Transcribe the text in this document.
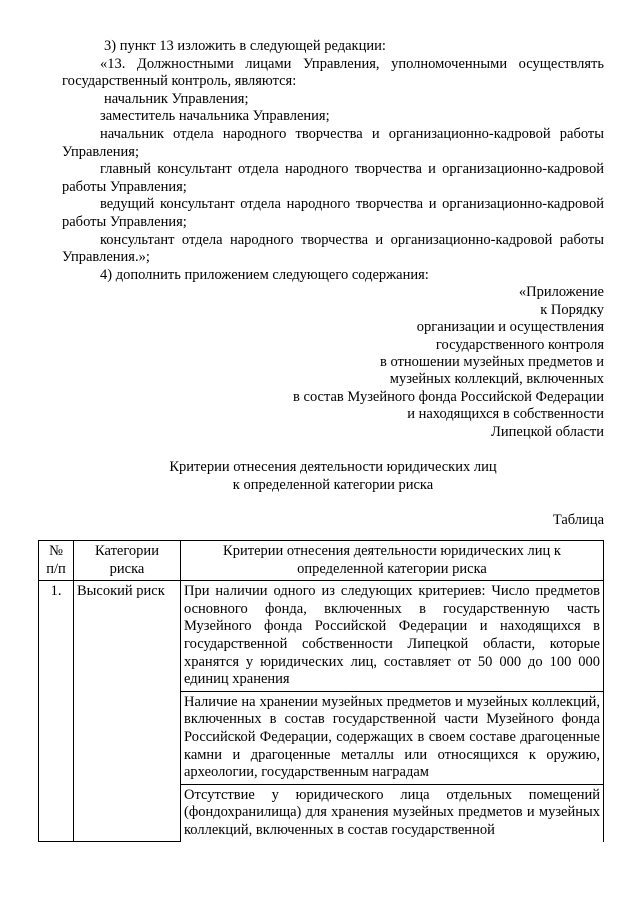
3) пункт 13 изложить в следующей редакции:

«13. Должностными лицами Управления, уполномоченными осуществлять государственный контроль, являются:

начальник Управления;

заместитель начальника Управления;

начальник отдела народного творчества и организационно-кадровой работы Управления;

главный консультант отдела народного творчества и организационно-кадровой работы Управления;

ведущий консультант отдела народного творчества и организационно-кадровой работы Управления;

консультант отдела народного творчества и организационно-кадровой работы Управления.»;

4) дополнить приложением следующего содержания:

«Приложение
к Порядку
организации и осуществления
государственного контроля
в отношении музейных предметов и
музейных коллекций, включенных
в состав Музейного фонда Российской Федерации
и находящихся в собственности
Липецкой области
Критерии отнесения деятельности юридических лиц
к определенной категории риска
Таблица
№ п/п	Категории риска	Критерии отнесения деятельности юридических лиц к определенной категории риска
1.	Высокий риск	При наличии одного из следующих критериев: Число предметов основного фонда, включенных в государственную часть Музейного фонда Российской Федерации и находящихся в государственной собственности Липецкой области, которые хранятся у юридических лиц, составляет от 50 000 до 100 000 единиц хранения
		Наличие на хранении музейных предметов и музейных коллекций, включенных в состав государственной части Музейного фонда Российской Федерации, содержащих в своем составе драгоценные камни и драгоценные металлы или относящихся к оружию, археологии, государственным наградам
		Отсутствие у юридического лица отдельных помещений (фондохранилища) для хранения музейных предметов и музейных коллекций, включенных в состав государственной
